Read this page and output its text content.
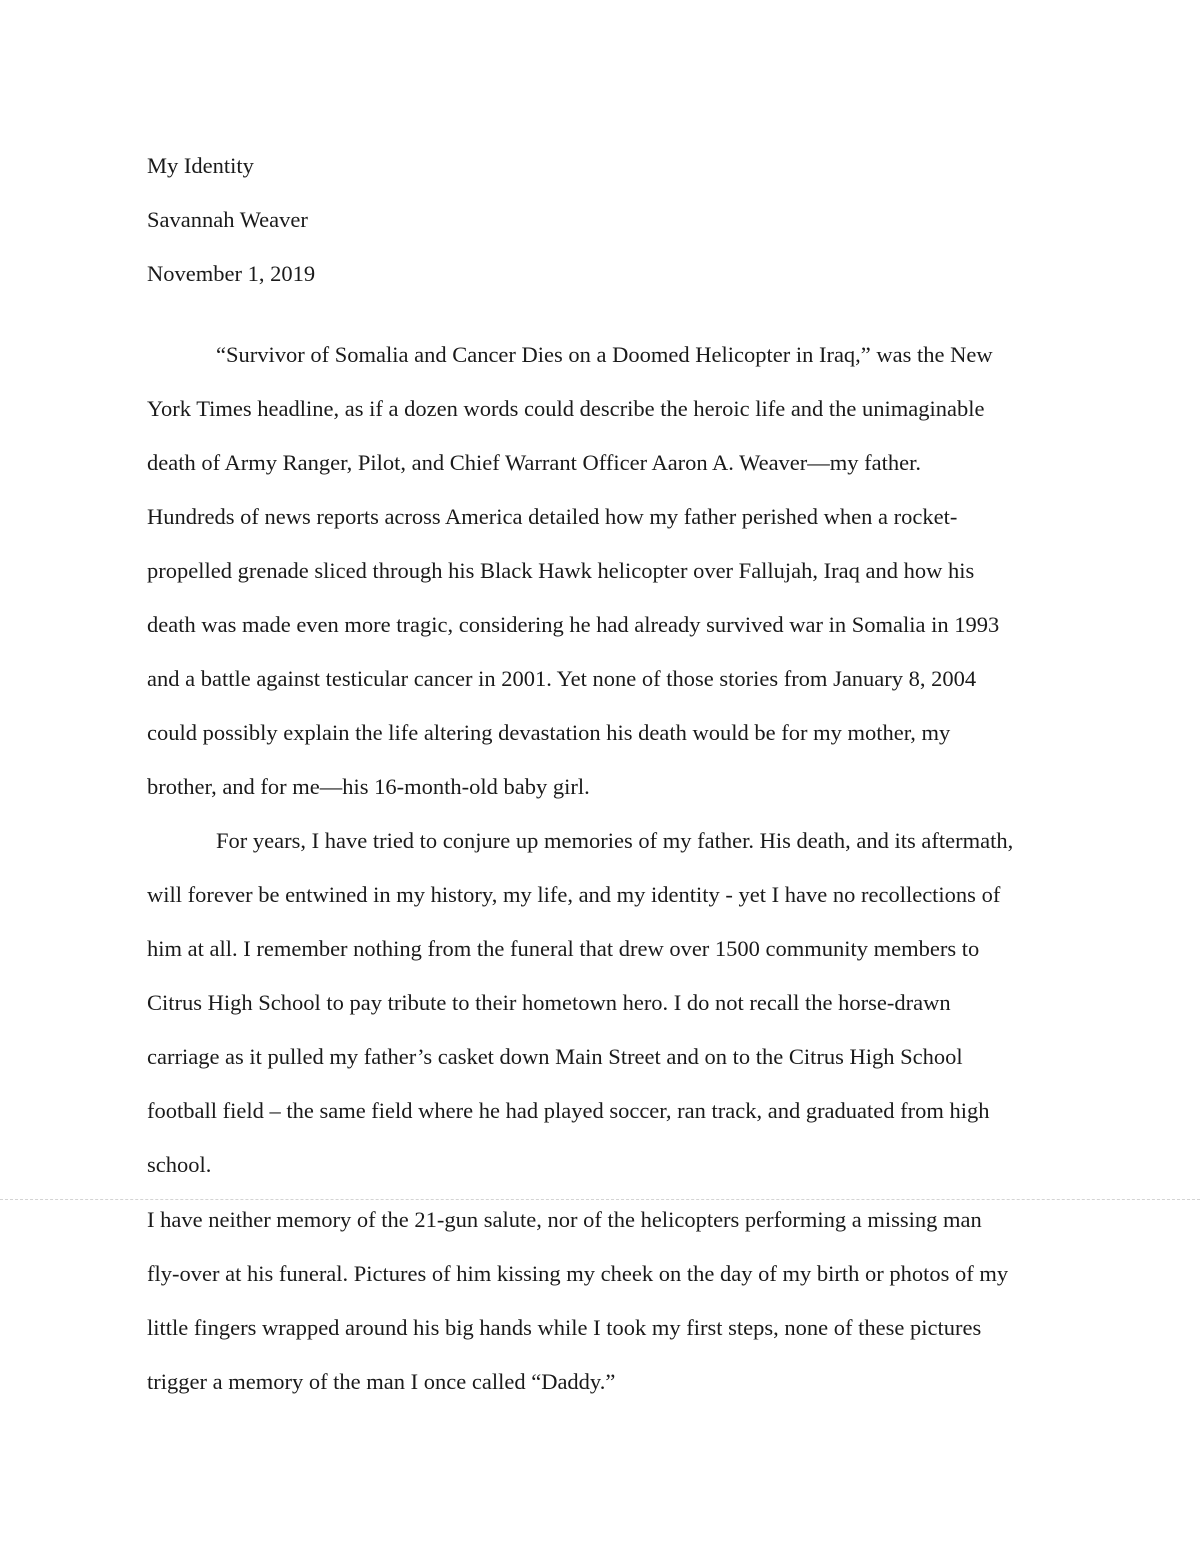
My Identity
Savannah Weaver
November 1, 2019
“Survivor of Somalia and Cancer Dies on a Doomed Helicopter in Iraq,” was the New
York Times headline, as if a dozen words could describe the heroic life and the unimaginable
death of Army Ranger, Pilot, and Chief Warrant Officer Aaron A. Weaver—my father.
Hundreds of news reports across America detailed how my father perished when a rocket-
propelled grenade sliced through his Black Hawk helicopter over Fallujah, Iraq and how his
death was made even more tragic, considering he had already survived war in Somalia in 1993
and a battle against testicular cancer in 2001. Yet none of those stories from January 8, 2004
could possibly explain the life altering devastation his death would be for my mother, my
brother, and for me—his 16-month-old baby girl.
For years, I have tried to conjure up memories of my father. His death, and its aftermath,
will forever be entwined in my history, my life, and my identity - yet I have no recollections of
him at all. I remember nothing from the funeral that drew over 1500 community members to
Citrus High School to pay tribute to their hometown hero. I do not recall the horse-drawn
carriage as it pulled my father’s casket down Main Street and on to the Citrus High School
football field – the same field where he had played soccer, ran track, and graduated from high
school.
I have neither memory of the 21-gun salute, nor of the helicopters performing a missing man
fly-over at his funeral. Pictures of him kissing my cheek on the day of my birth or photos of my
little fingers wrapped around his big hands while I took my first steps, none of these pictures
trigger a memory of the man I once called “Daddy.”
